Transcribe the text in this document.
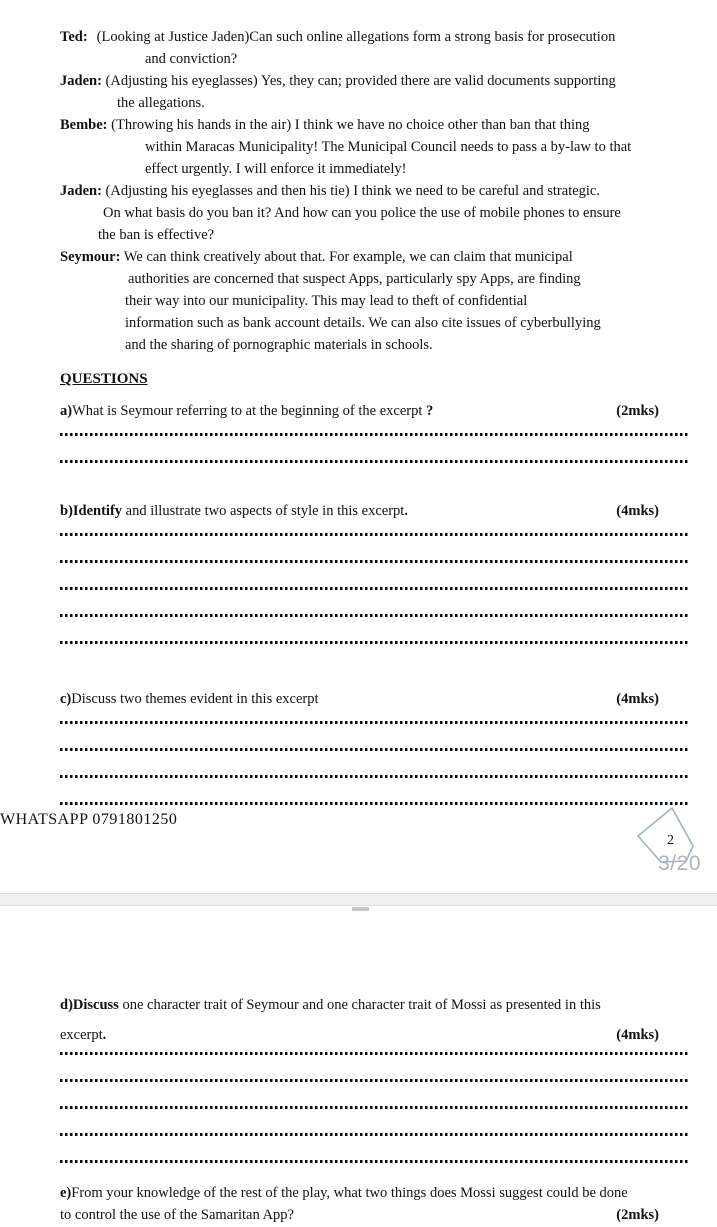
Ted: (Looking at Justice Jaden)Can such online allegations form a strong basis for prosecution

and conviction?

Jaden: (Adjusting his eyeglasses) Yes, they can; provided there are valid documents supporting

the allegations.

Bembe: (Throwing his hands in the air) I think we have no choice other than ban that thing

within Maracas Municipality! The Municipal Council needs to pass a by-law to that

effect urgently. I will enforce it immediately!

Jaden: (Adjusting his eyeglasses and then his tie) I think we need to be careful and strategic.

On what basis do you ban it? And how can you police the use of mobile phones to ensure

the ban is effective?

Seymour: We can think creatively about that. For example, we can claim that municipal

authorities are concerned that suspect Apps, particularly spy Apps, are finding

their way into our municipality. This may lead to theft of confidential

information such as bank account details. We can also cite issues of cyberbullying

and the sharing of pornographic materials in schools.

QUESTIONS
a)What is Seymour referring to at the beginning of the excerpt ?	(2mks)
b)Identify and illustrate two aspects of style in this excerpt.	(4mks)
c)Discuss two themes evident in this excerpt	(4mks)
WHATSAPP 0791801250
2
3/20
d)Discuss one character trait of Seymour and one character trait of Mossi as presented in this
excerpt.	(4mks)
e)From your knowledge of the rest of the play, what two things does Mossi suggest could be done
to control the use of the Samaritan App?	(2mks)
